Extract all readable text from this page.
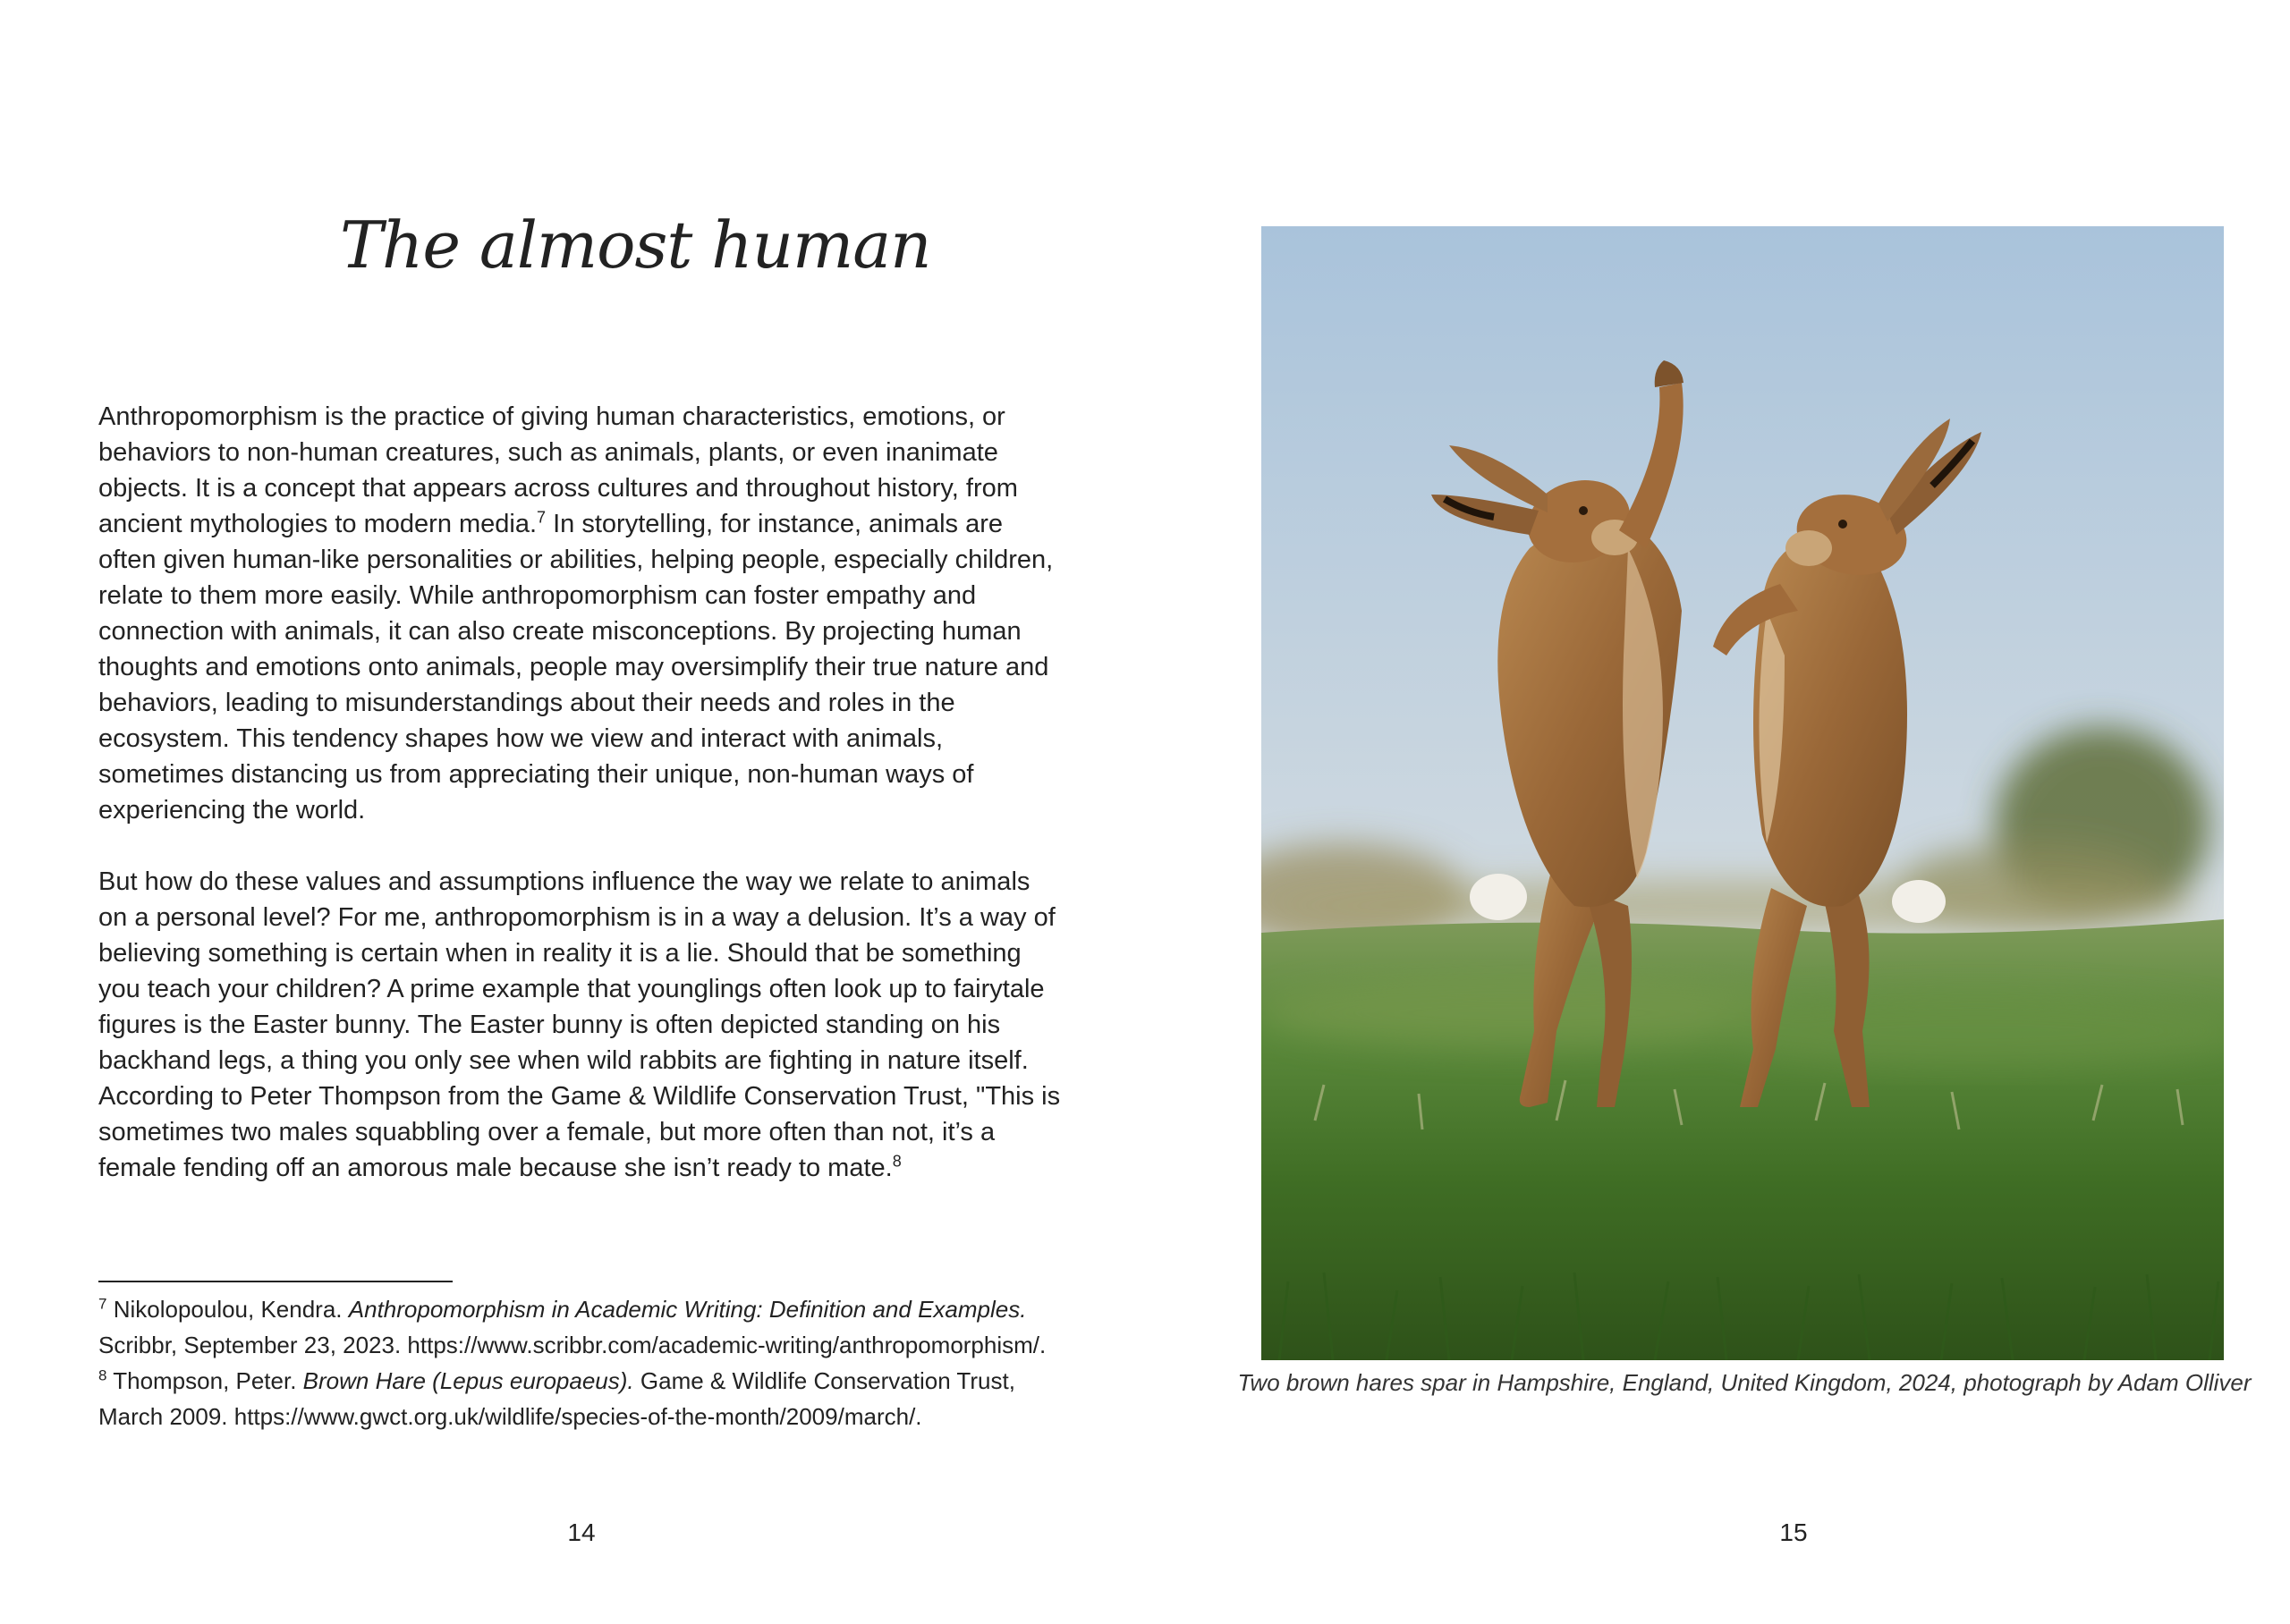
The almost human

Anthropomorphism is the practice of giving human characteristics, emotions, or behaviors to non-human creatures, such as animals, plants, or even inanimate objects. It is a concept that appears across cultures and throughout history, from ancient mythologies to modern media.$^7$ In storytelling, for instance, animals are often given human-like personalities or abilities, helping people, especially children, relate to them more easily. While anthropomorphism can foster empathy and connection with animals, it can also create misconceptions. By projecting human thoughts and emotions onto animals, people may oversimplify their true nature and behaviors, leading to misunderstandings about their needs and roles in the ecosystem. This tendency shapes how we view and interact with animals, sometimes distancing us from appreciating their unique, non-human ways of experiencing the world.

But how do these values and assumptions influence the way we relate to animals on a personal level? For me, anthropomorphism is in a way a delusion. It’s a way of believing something is certain when in reality it is a lie. Should that be something you teach your children? A prime example that younglings often look up to fairytale figures is the Easter bunny. The Easter bunny is often depicted standing on his backhand legs, a thing you only see when wild rabbits are fighting in nature itself. According to Peter Thompson from the Game & Wildlife Conservation Trust, "This is sometimes two males squabbling over a female, but more often than not, it’s a female fending off an amorous male because she isn’t ready to mate.$^8$

$^7$ Nikolopoulou, Kendra. Anthropomorphism in Academic Writing: Definition and Examples. Scribbr, September 23, 2023. https://www.scribbr.com/academic-writing/anthropomorphism/.

$^8$ Thompson, Peter. Brown Hare (Lepus europaeus). Game & Wildlife Conservation Trust, March 2009. https://www.gwct.org.uk/wildlife/species-of-the-month/2009/march/.

14
Two brown hares spar in Hampshire, England, United Kingdom, 2024, photograph by Adam Olliver
15
